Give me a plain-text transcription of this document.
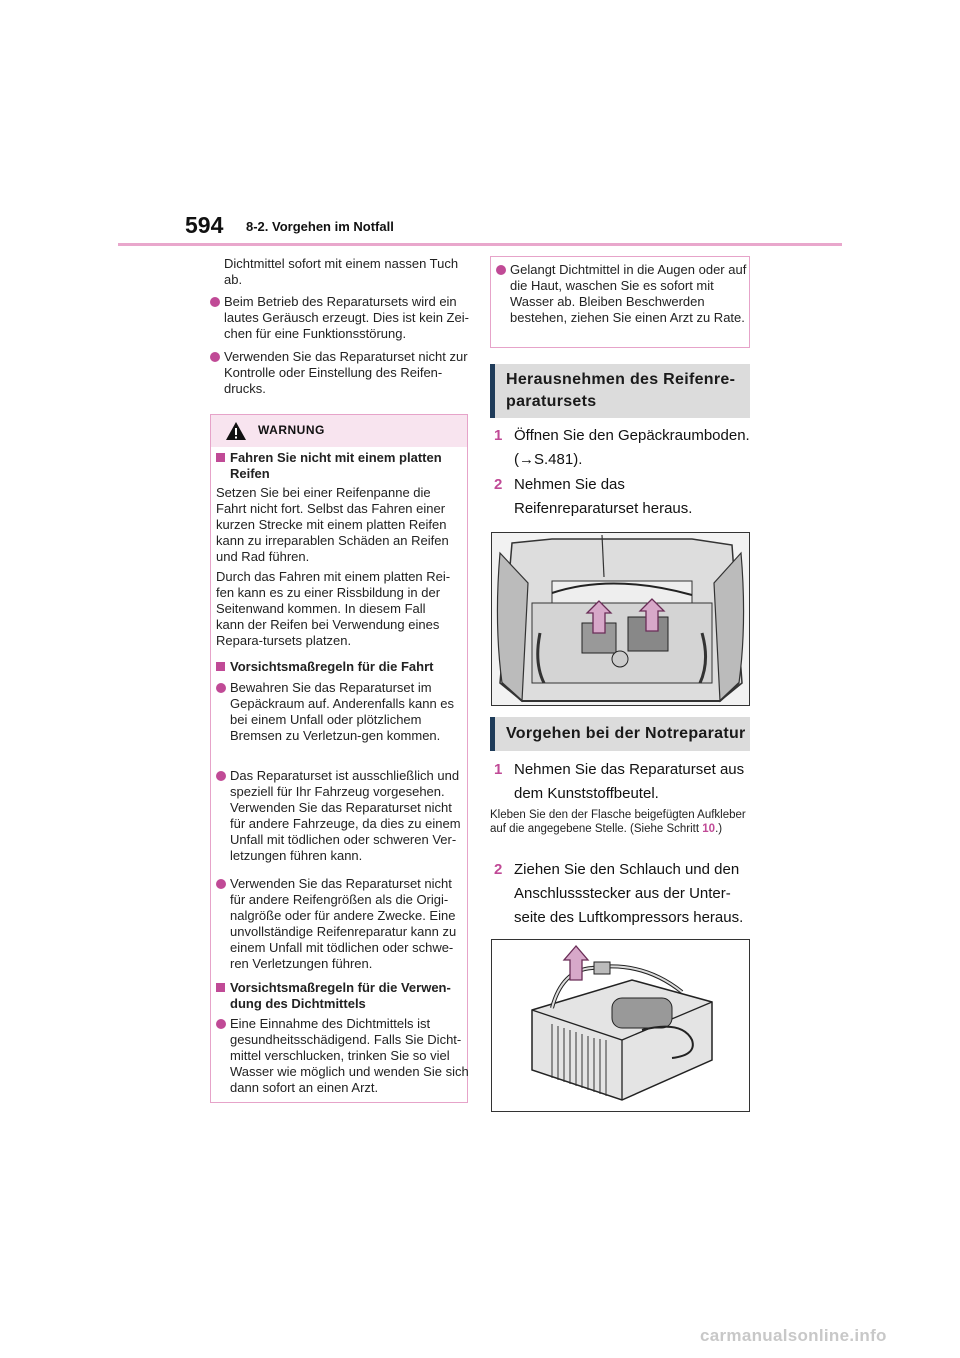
594 8-2. Vorgehen im Notfall
Dichtmittel sofort mit einem nassen Tuch ab.
Beim Betrieb des Reparatursets wird ein lautes Geräusch erzeugt. Dies ist kein Zei-chen für eine Funktionsstörung.
Verwenden Sie das Reparaturset nicht zur Kontrolle oder Einstellung des Reifen-drucks.
WARNUNG
Fahren Sie nicht mit einem platten Reifen
Setzen Sie bei einer Reifenpanne die Fahrt nicht fort. Selbst das Fahren einer kurzen Strecke mit einem platten Reifen kann zu irreparablen Schäden an Reifen und Rad führen.
Durch das Fahren mit einem platten Rei-fen kann es zu einer Rissbildung in der Seitenwand kommen. In diesem Fall kann der Reifen bei Verwendung eines Repara-tursets platzen.
Vorsichtsmaßregeln für die Fahrt
Bewahren Sie das Reparaturset im Gepäckraum auf. Anderenfalls kann es bei einem Unfall oder plötzlichem Bremsen zu Verletzun-gen kommen.
Das Reparaturset ist ausschließlich und speziell für Ihr Fahrzeug vorgesehen. Verwenden Sie das Reparaturset nicht für andere Fahrzeuge, da dies zu einem Unfall mit tödlichen oder schweren Ver-letzungen führen kann.
Verwenden Sie das Reparaturset nicht für andere Reifengrößen als die Origi-nalgröße oder für andere Zwecke. Eine unvollständige Reifenreparatur kann zu einem Unfall mit tödlichen oder schwe-ren Verletzungen führen.
Vorsichtsmaßregeln für die Verwen-dung des Dichtmittels
Eine Einnahme des Dichtmittels ist gesundheitsschädigend. Falls Sie Dicht-mittel verschlucken, trinken Sie so viel Wasser wie möglich und wenden Sie sich dann sofort an einen Arzt.
Gelangt Dichtmittel in die Augen oder auf die Haut, waschen Sie es sofort mit Wasser ab. Bleiben Beschwerden bestehen, ziehen Sie einen Arzt zu Rate.
Herausnehmen des Reifenre-
paratursets
1 Öffnen Sie den Gepäckraumboden. (→S.481).
2 Nehmen Sie das Reifenreparaturset heraus.
Vorgehen bei der Notreparatur
1 Nehmen Sie das Reparaturset aus dem Kunststoffbeutel.
Kleben Sie den der Flasche beigefügten Aufkleber auf die angegebene Stelle. (Siehe Schritt 10.)
2 Ziehen Sie den Schlauch und den Anschlussstecker aus der Unter-seite des Luftkompressors heraus.
carmanualsonline.info
